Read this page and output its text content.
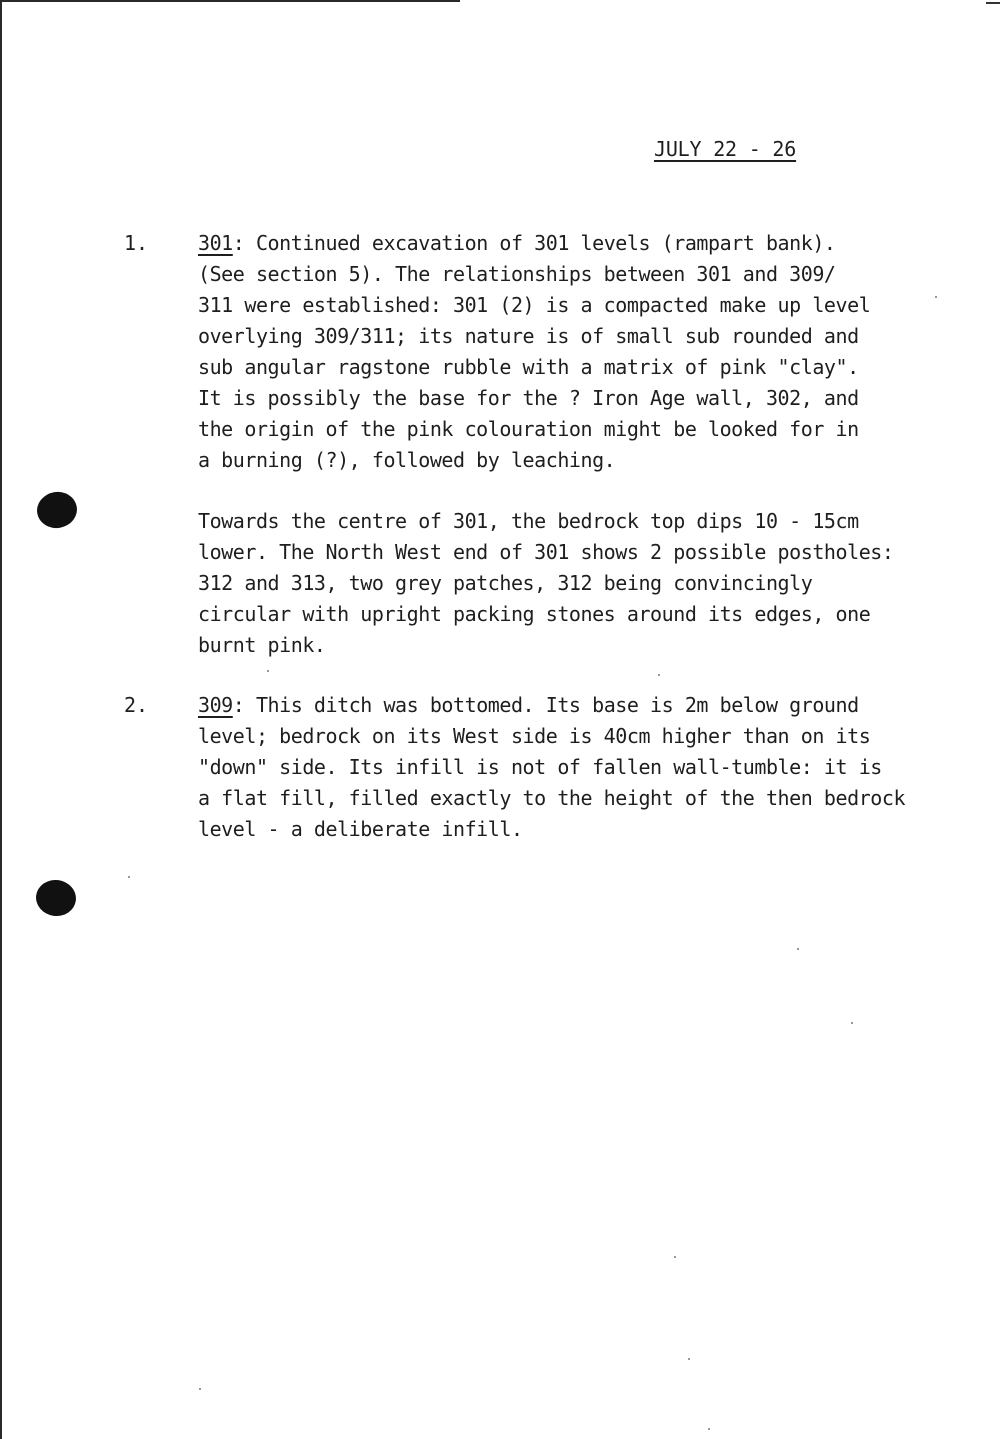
JULY 22 - 26
1. 301: Continued excavation of 301 levels (rampart bank).
(See section 5). The relationships between 301 and 309/
311 were established: 301 (2) is a compacted make up level
overlying 309/311; its nature is of small sub rounded and
sub angular ragstone rubble with a matrix of pink "clay".
It is possibly the base for the ? Iron Age wall, 302, and
the origin of the pink colouration might be looked for in
a burning (?), followed by leaching.
Towards the centre of 301, the bedrock top dips 10 - 15cm
lower. The North West end of 301 shows 2 possible postholes:
312 and 313, two grey patches, 312 being convincingly
circular with upright packing stones around its edges, one
burnt pink.
2. 309: This ditch was bottomed. Its base is 2m below ground
level; bedrock on its West side is 40cm higher than on its
"down" side. Its infill is not of fallen wall-tumble: it is
a flat fill, filled exactly to the height of the then bedrock
level - a deliberate infill.
